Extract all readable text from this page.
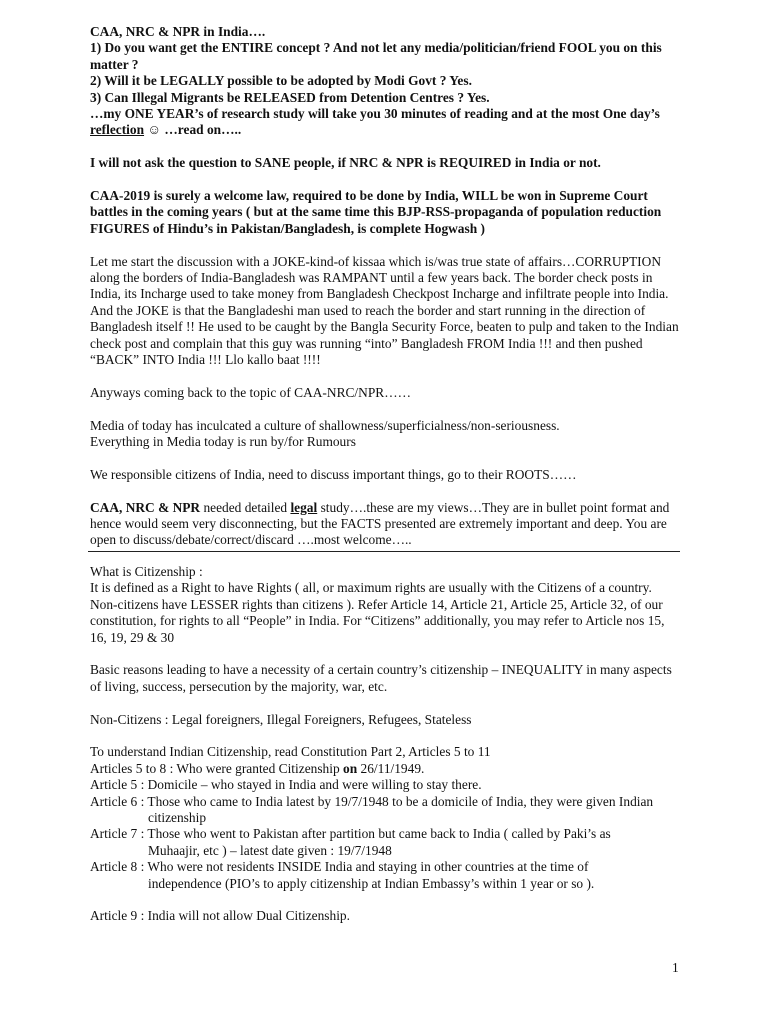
CAA, NRC & NPR in India….

1) Do you want get the ENTIRE concept ? And not let any media/politician/friend FOOL you on this matter ?

2) Will it be LEGALLY possible to be adopted by Modi Govt ? Yes.

3) Can Illegal Migrants be RELEASED from Detention Centres ? Yes.

…my ONE YEAR’s of research study will take you 30 minutes of reading and at the most One day’s reflection ☺ …read on…..

I will not ask the question to SANE people, if NRC & NPR is REQUIRED in India or not.

CAA-2019 is surely a welcome law, required to be done by India, WILL be won in Supreme Court battles in the coming years ( but at the same time this BJP-RSS-propaganda of population reduction FIGURES of Hindu’s in Pakistan/Bangladesh, is complete Hogwash )

Let me start the discussion with a JOKE-kind-of kissaa which is/was true state of affairs…CORRUPTION along the borders of India-Bangladesh was RAMPANT until a few years back. The border check posts in India, its Incharge used to take money from Bangladesh Checkpost Incharge and infiltrate people into India. And the JOKE is that the Bangladeshi man used to reach the border and start running in the direction of Bangladesh itself !! He used to be caught by the Bangla Security Force, beaten to pulp and taken to the Indian check post and complain that this guy was running “into” Bangladesh FROM India !!! and then pushed “BACK” INTO India !!! Llo kallo baat !!!!

Anyways coming back to the topic of CAA-NRC/NPR……

Media of today has inculcated a culture of shallowness/superficialness/non-seriousness.

Everything in Media today is run by/for Rumours

We responsible citizens of India, need to discuss important things, go to their ROOTS……

CAA, NRC & NPR needed detailed legal study….these are my views…They are in bullet point format and hence would seem very disconnecting, but the FACTS presented are extremely important and deep. You are open to discuss/debate/correct/discard ….most welcome…..

What is Citizenship :

It is defined as a Right to have Rights ( all, or maximum rights are usually with the Citizens of a country. Non-citizens have LESSER rights than citizens ). Refer Article 14, Article 21, Article 25, Article 32, of our constitution, for rights to all “People” in India. For “Citizens” additionally, you may refer to Article nos 15, 16, 19, 29 & 30

Basic reasons leading to have a necessity of a certain country’s citizenship – INEQUALITY in many aspects of living, success, persecution by the majority, war, etc.

Non-Citizens : Legal foreigners, Illegal Foreigners, Refugees, Stateless

To understand Indian Citizenship, read Constitution Part 2, Articles 5 to 11

Articles 5 to 8 : Who were granted Citizenship on 26/11/1949.

Article 5 : Domicile – who stayed in India and were willing to stay there.

Article 6 : Those who came to India latest by 19/7/1948 to be a domicile of India, they were given Indian

citizenship

Article 7 : Those who went to Pakistan after partition but came back to India ( called by Paki’s as

Muhaajir, etc ) – latest date given : 19/7/1948

Article 8 : Who were not residents INSIDE India and staying in other countries at the time of

independence (PIO’s to apply citizenship at Indian Embassy’s within 1 year or so ).

Article 9 : India will not allow Dual Citizenship.

1
